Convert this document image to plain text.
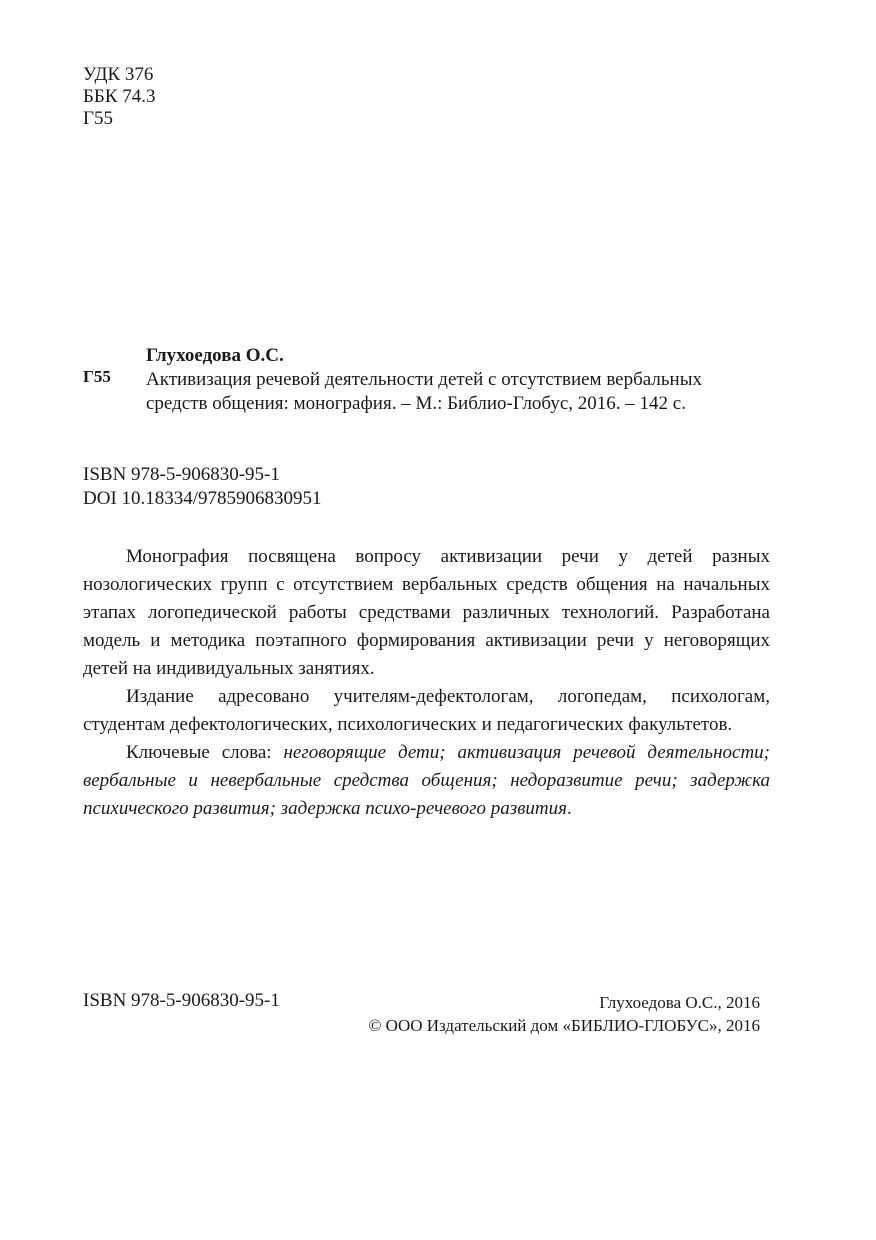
УДК 376
ББК 74.3
Г55
Г55
Глухоедова О.С.
Активизация речевой деятельности детей с отсутствием вербальных
средств общения: монография. – М.: Библио-Глобус, 2016. – 142 с.
ISBN 978-5-906830-95-1
DOI 10.18334/9785906830951

Монография посвящена вопросу активизации речи у детей разных нозологических групп с отсутствием вербальных средств общения на начальных этапах логопедической работы средствами различных технологий. Разработана модель и методика поэтапного формирования активизации речи у неговорящих детей на индивидуальных занятиях.

Издание адресовано учителям-дефектологам, логопедам, психологам, студентам дефектологических, психологических и педагогических факультетов.

Ключевые слова: неговорящие дети; активизация речевой деятельности; вербальные и невербальные средства общения; недоразвитие речи; задержка психического развития; задержка психо-речевого развития.

ISBN 978-5-906830-95-1	Глухоедова О.С., 2016
© ООО Издательский дом «БИБЛИО-ГЛОБУС», 2016
